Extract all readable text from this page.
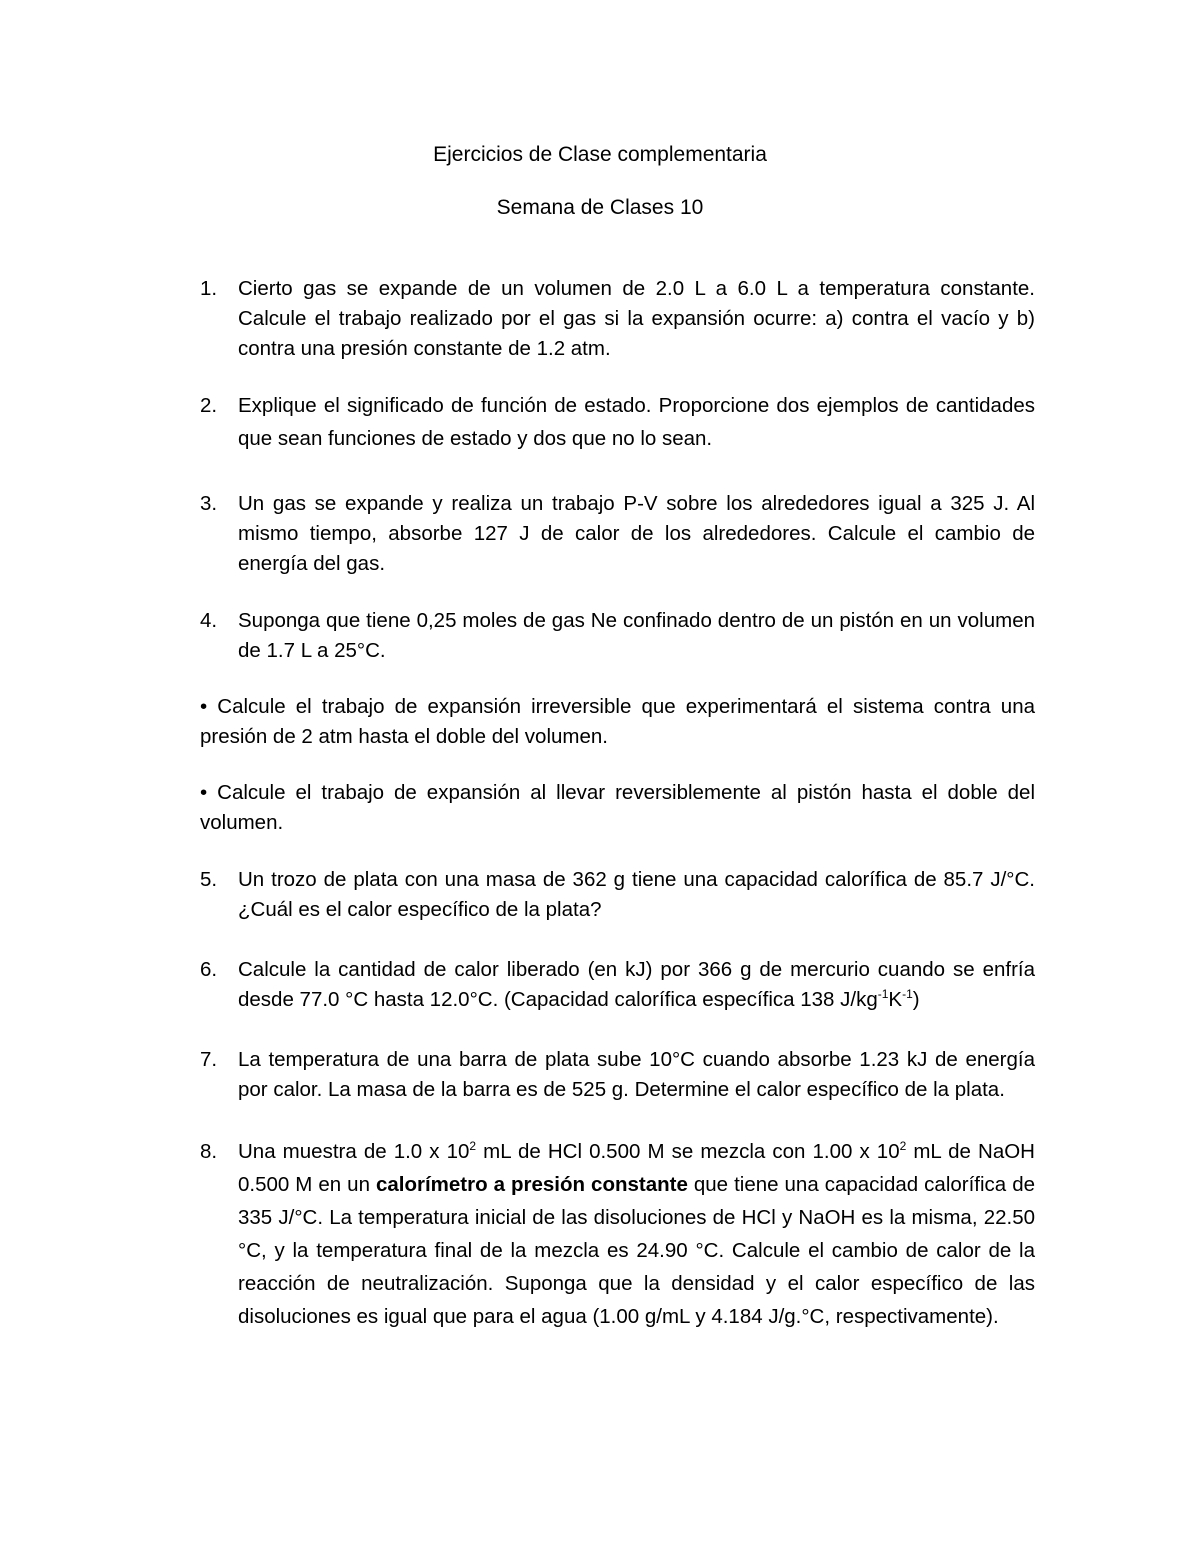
Ejercicios de Clase complementaria
Semana de Clases 10
1.	Cierto gas se expande de un volumen de 2.0 L a 6.0 L a temperatura constante. Calcule el trabajo realizado por el gas si la expansión ocurre: a) contra el vacío y b) contra una presión constante de 1.2 atm.
2.	Explique el significado de función de estado. Proporcione dos ejemplos de cantidades que sean funciones de estado y dos que no lo sean.
3.	Un gas se expande y realiza un trabajo P-V sobre los alrededores igual a 325 J. Al mismo tiempo, absorbe 127 J de calor de los alrededores. Calcule el cambio de energía del gas.
4.	Suponga que tiene 0,25 moles de gas Ne confinado dentro de un pistón en un volumen de 1.7 L a 25°C.
• Calcule el trabajo de expansión irreversible que experimentará el sistema contra una presión de 2 atm hasta el doble del volumen.
• Calcule el trabajo de expansión al llevar reversiblemente al pistón hasta el doble del volumen.
5.	Un trozo de plata con una masa de 362 g tiene una capacidad calorífica de 85.7 J/°C. ¿Cuál es el calor específico de la plata?
6.	Calcule la cantidad de calor liberado (en kJ) por 366 g de mercurio cuando se enfría desde 77.0 °C hasta 12.0°C. (Capacidad calorífica específica 138 $J/kg^{-1}K^{-1}$)
7.	La temperatura de una barra de plata sube 10°C cuando absorbe 1.23 kJ de energía por calor. La masa de la barra es de 525 g. Determine el calor específico de la plata.
8.	Una muestra de 1.0 x $10^2$ mL de HCl 0.500 M se mezcla con 1.00 x $10^2$ mL de NaOH 0.500 M en un calorímetro a presión constante que tiene una capacidad calorífica de 335 J/°C. La temperatura inicial de las disoluciones de HCl y NaOH es la misma, 22.50 °C, y la temperatura final de la mezcla es 24.90 °C. Calcule el cambio de calor de la reacción de neutralización. Suponga que la densidad y el calor específico de las disoluciones es igual que para el agua (1.00 g/mL y 4.184 J/g.°C, respectivamente).
